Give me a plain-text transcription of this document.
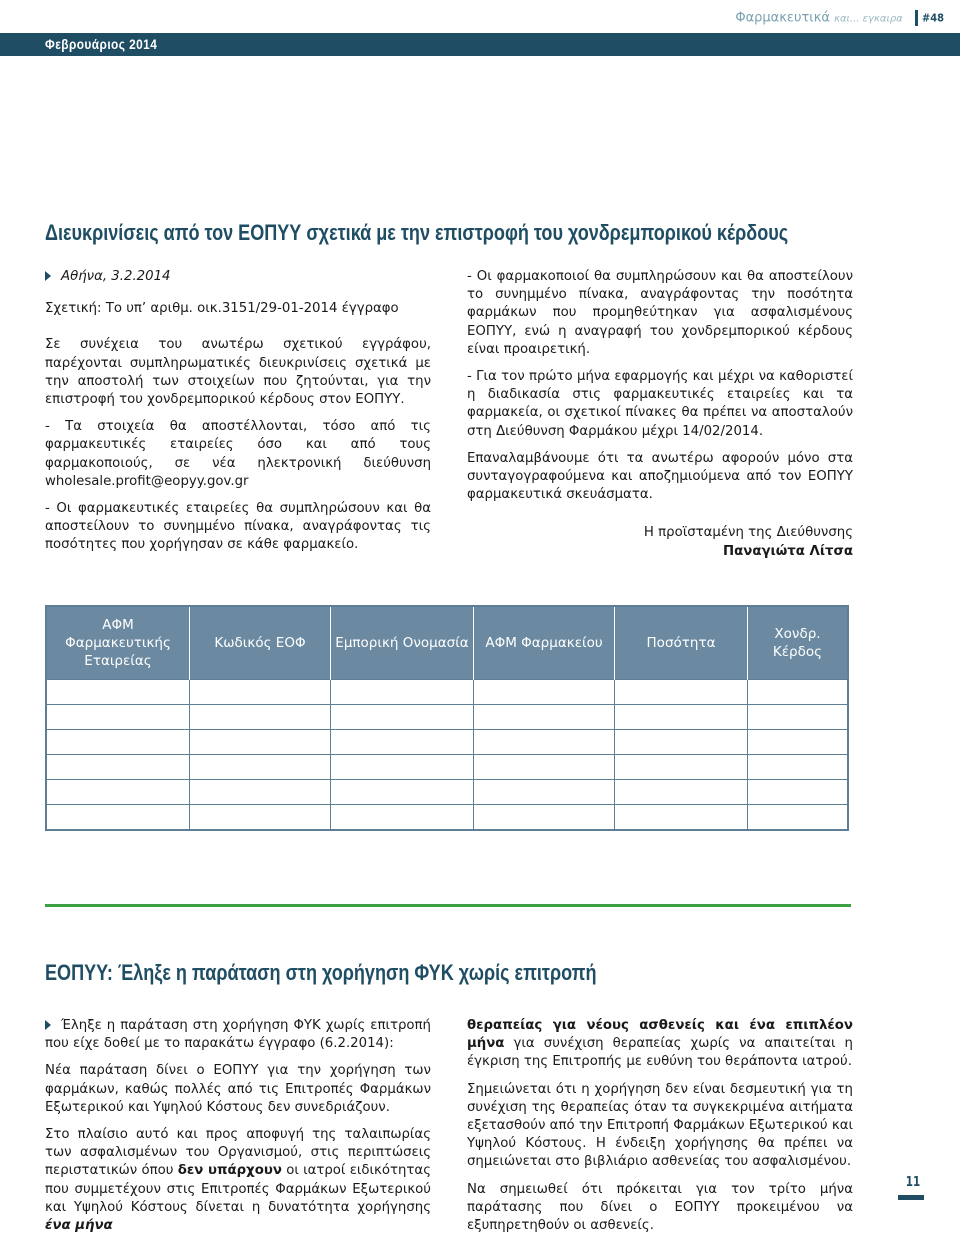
Φαρμακευτικά και... εγκαιρα #48
Φεβρουάριος 2014
Διευκρινίσεις από τον ΕΟΠΥΥ σχετικά με την επιστροφή του χονδρεμπορικού κέρδους

Αθήνα, 3.2.2014

Σχετική: Το υπ’ αριθμ. οικ.3151/29-01-2014 έγγραφο

Σε συνέχεια του ανωτέρω σχετικού εγγράφου, παρέχονται συμπληρωματικές διευκρινίσεις σχετικά με την αποστολή των στοιχείων που ζητούνται, για την επιστροφή του χονδρεμπορικού κέρδους στον ΕΟΠΥΥ.

- Τα στοιχεία θα αποστέλλονται, τόσο από τις φαρμακευτικές εταιρείες όσο και από τους φαρμακοποιούς, σε νέα ηλεκτρονική διεύθυνση wholesale.profit@eopyy.gov.gr

- Οι φαρμακευτικές εταιρείες θα συμπληρώσουν και θα αποστείλουν το συνημμένο πίνακα, αναγράφοντας τις ποσότητες που χορήγησαν σε κάθε φαρμακείο.

- Οι φαρμακοποιοί θα συμπληρώσουν και θα αποστείλουν το συνημμένο πίνακα, αναγράφοντας την ποσότητα φαρμάκων που προμηθεύτηκαν για ασφαλισμένους ΕΟΠΥΥ, ενώ η αναγραφή του χονδρεμπορικού κέρδους είναι προαιρετική.

- Για τον πρώτο μήνα εφαρμογής και μέχρι να καθοριστεί η διαδικασία στις φαρμακευτικές εταιρείες και τα φαρμακεία, οι σχετικοί πίνακες θα πρέπει να αποσταλούν στη Διεύθυνση Φαρμάκου μέχρι 14/02/2014.

Επαναλαμβάνουμε ότι τα ανωτέρω αφορούν μόνο στα συνταγογραφούμενα και αποζημιούμενα από τον ΕΟΠΥΥ φαρμακευτικά σκευάσματα.

Η προϊσταμένη της Διεύθυνσης

Παναγιώτα Λίτσα

ΑΦΜ Φαρμακευτικής Εταιρείας	Κωδικός ΕΟΦ	Εμπορική Ονομασία	ΑΦΜ Φαρμακείου	Ποσότητα	Χονδρ. Κέρδος

ΕΟΠΥΥ: Έληξε η παράταση στη χορήγηση ΦΥΚ χωρίς επιτροπή

Έληξε η παράταση στη χορήγηση ΦΥΚ χωρίς επιτροπή που είχε δοθεί με το παρακάτω έγγραφο (6.2.2014):

Νέα παράταση δίνει ο ΕΟΠΥΥ για την χορήγηση των φαρμάκων, καθώς πολλές από τις Επιτροπές Φαρμάκων Εξωτερικού και Υψηλού Κόστους δεν συνεδριάζουν.

Στο πλαίσιο αυτό και προς αποφυγή της ταλαιπωρίας των ασφαλισμένων του Οργανισμού, στις περιπτώσεις περιστατικών όπου δεν υπάρχουν οι ιατροί ειδικότητας που συμμετέχουν στις Επιτροπές Φαρμάκων Εξωτερικού και Υψηλού Κόστους δίνεται η δυνατότητα χορήγησης ένα μήνα

θεραπείας για νέους ασθενείς και ένα επιπλέον μήνα για συνέχιση θεραπείας χωρίς να απαιτείται η έγκριση της Επιτροπής με ευθύνη του θεράποντα ιατρού.

Σημειώνεται ότι η χορήγηση δεν είναι δεσμευτική για τη συνέχιση της θεραπείας όταν τα συγκεκριμένα αιτήματα εξετασθούν από την Επιτροπή Φαρμάκων Εξωτερικού και Υψηλού Κόστους. Η ένδειξη χορήγησης θα πρέπει να σημειώνεται στο βιβλιάριο ασθενείας του ασφαλισμένου.

Να σημειωθεί ότι πρόκειται για τον τρίτο μήνα παράτασης που δίνει ο ΕΟΠΥΥ προκειμένου να εξυπηρετηθούν οι ασθενείς.

11
